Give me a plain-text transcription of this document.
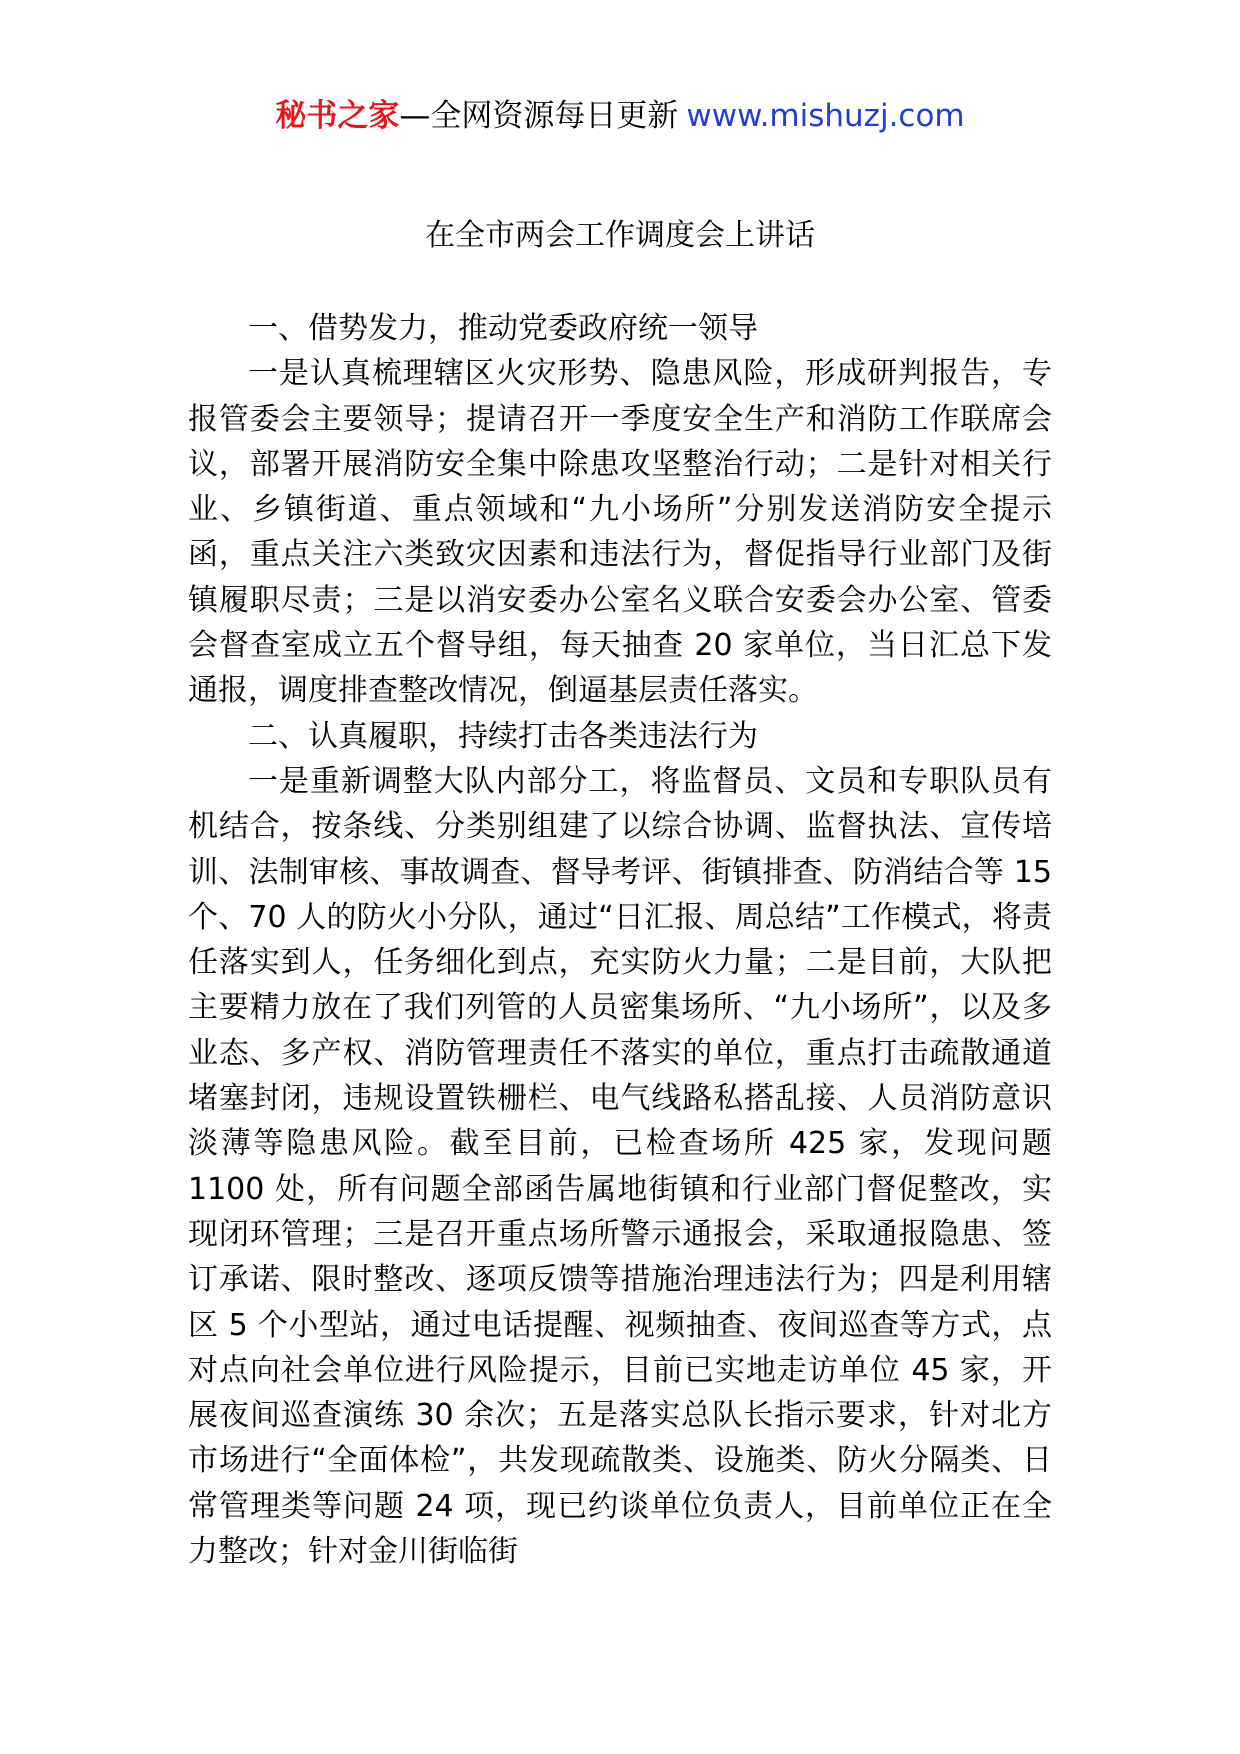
秘书之家—全网资源每日更新 www.mishuzj.com
在全市两会工作调度会上讲话

一、借势发力，推动党委政府统一领导

一是认真梳理辖区火灾形势、隐患风险，形成研判报告，专报管委会主要领导；提请召开一季度安全生产和消防工作联席会议，部署开展消防安全集中除患攻坚整治行动；二是针对相关行业、乡镇街道、重点领域和“九小场所”分别发送消防安全提示函，重点关注六类致灾因素和违法行为，督促指导行业部门及街镇履职尽责；三是以消安委办公室名义联合安委会办公室、管委会督查室成立五个督导组，每天抽查 20 家单位，当日汇总下发通报，调度排查整改情况，倒逼基层责任落实。

二、认真履职，持续打击各类违法行为

一是重新调整大队内部分工，将监督员、文员和专职队员有机结合，按条线、分类别组建了以综合协调、监督执法、宣传培训、法制审核、事故调查、督导考评、街镇排查、防消结合等 15 个、70 人的防火小分队，通过“日汇报、周总结”工作模式，将责任落实到人，任务细化到点，充实防火力量；二是目前，大队把主要精力放在了我们列管的人员密集场所、“九小场所”，以及多业态、多产权、消防管理责任不落实的单位，重点打击疏散通道堵塞封闭，违规设置铁栅栏、电气线路私搭乱接、人员消防意识淡薄等隐患风险。截至目前，已检查场所 425 家，发现问题 1100 处，所有问题全部函告属地街镇和行业部门督促整改，实现闭环管理；三是召开重点场所警示通报会，采取通报隐患、签订承诺、限时整改、逐项反馈等措施治理违法行为；四是利用辖区 5 个小型站，通过电话提醒、视频抽查、夜间巡查等方式，点对点向社会单位进行风险提示，目前已实地走访单位 45 家，开展夜间巡查演练 30 余次；五是落实总队长指示要求，针对北方市场进行“全面体检”，共发现疏散类、设施类、防火分隔类、日常管理类等问题 24 项，现已约谈单位负责人，目前单位正在全力整改；针对金川街临街
